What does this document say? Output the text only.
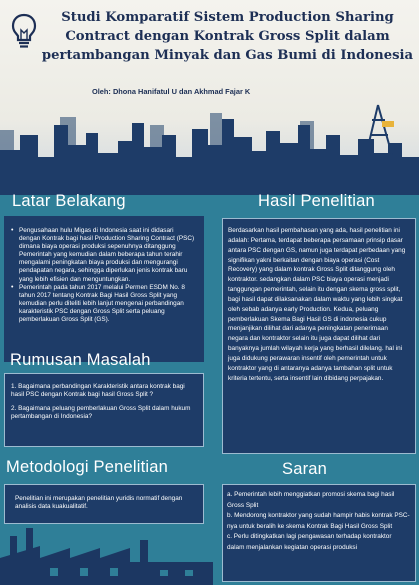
Studi Komparatif Sistem Production Sharing
Contract dengan Kontrak Gross Split dalam
pertambangan Minyak dan Gas Bumi di Indonesia
Oleh: Dhona Hanifatul U dan Akhmad Fajar K
Latar Belakang
• Pengusahaan hulu Migas di Indonesia saat ini didasari dengan Kontrak bagi hasil Production Sharing Contract (PSC) dimana biaya operasi produksi sepenuhnya ditanggung Pemerintah yang kemudian dalam beberapa tahun terahir mengalami peningkatan biaya produksi dan mengurangi pendapatan negara, sehingga diperlukan jenis kontrak baru yang lebih efisien dan menguntungkan.
• Pemerintah pada tahun 2017 melalui Permen ESDM No. 8 tahun 2017 tentang Kontrak Bagi Hasil Gross Split yang kemudian perlu diteliti lebih lanjut mengenai perbandingan karakteristik PSC dengan Gross Split serta peluang pemberlakuan Gross Split (GS).
Rumusan Masalah
1. Bagaimana perbandingan Karakteristik antara kontrak bagi hasil PSC dengan Kontrak bagi hasil Gross Split ?
2. Bagaimana peluang pemberlakuan Gross Split dalam hukum pertambangan di Indonesia?
Metodologi Penelitian
Penelitian ini merupakan penelitian yuridis normatif dengan analisis data kuakualitatif.
Hasil Penelitian
Berdasarkan hasil pembahasan yang ada, hasil penelitian ini adalah: Pertama, terdapat beberapa persamaan prinsip dasar antara PSC dengan GS, namun juga terdapat perbedaan yang signifikan yakni berkaitan dengan biaya operasi (Cost Recovery) yang dalam kontrak Gross Split ditanggung oleh kontraktor. sedangkan dalam PSC biaya operasi menjadi tanggungan pemerintah, selain itu dengan skema gross split, bagi hasil dapat dilaksanakan dalam waktu yang lebih singkat oleh sebab adanya early Production. Kedua, peluang pemberlakuan Skema Bagi Hasil GS di indonesia cukup menjanjikan dilihat dari adanya peningkatan penerimaan negara dan kontraktor selain itu juga dapat dilihat dari banyaknya jumlah wilayah kerja yang berhasil dilelang. hal ini juga didukung perawaran insentif oleh pemerintah untuk kontraktor yang di antaranya adanya tambahan split untuk kriteria tertentu, serta insentif lain dibidang perpajakan.
Saran
a. Pemerintah lebih menggiatkan promosi skema bagi hasil Gross Split
b. Mendorong kontraktor yang sudah hampir habis kontrak PSC-nya untuk beralih ke skema Kontrak Bagi Hasil Gross Split
c. Perlu ditingkatkan lagi pengawasan terhadap kontraktor dalam menjalankan kegiatan operasi produksi
